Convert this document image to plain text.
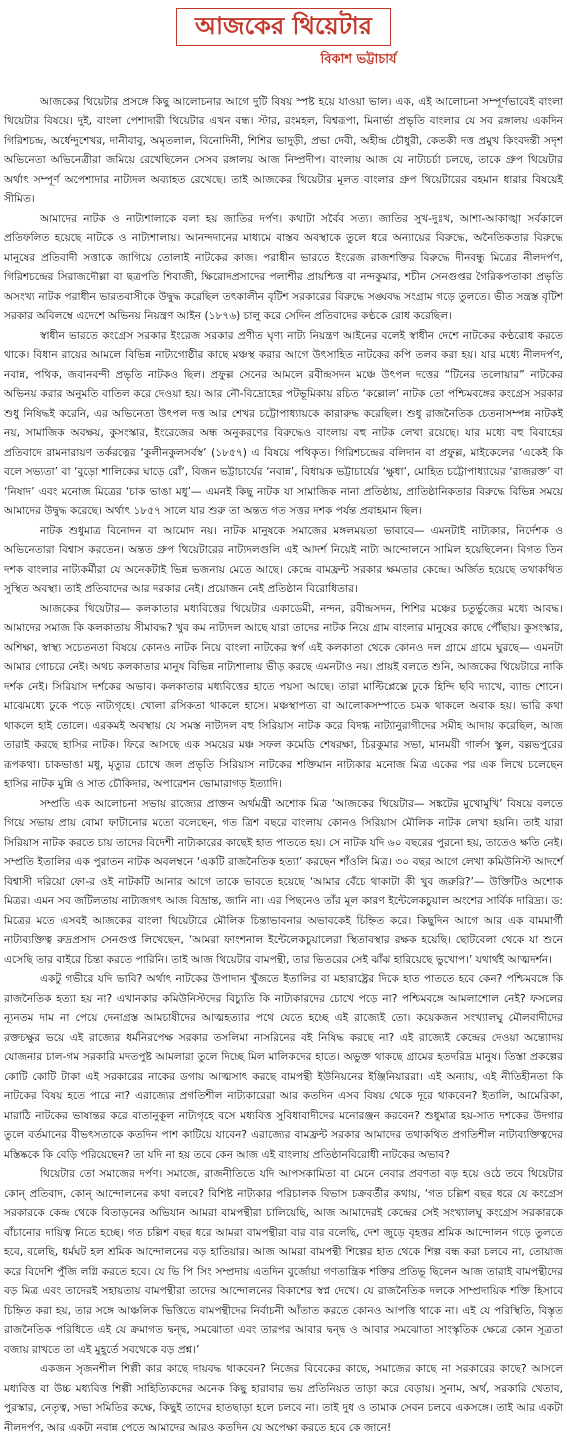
আজকের থিয়েটার
বিকাশ ভট্টাচার্য

আজকের থিয়েটার প্রসঙ্গে কিছু আলোচনার আগে দুটি বিষয় স্পষ্ট হয়ে যাওয়া ভাল। এক, এই আলোচনা সম্পূর্ণভাবেই বাংলা থিয়েটার বিষয়ে। দুই, বাংলা পেশাদারী থিয়েটার এখন বন্ধ। স্টার, রংমহল, বিশ্বরূপা, মিনার্ভা প্রভৃতি বাংলার যে সব রঙ্গালয় একদিন গিরিশচন্দ্র, অর্ধেন্দুশেখর, দানীবাবু, অমৃতলাল, বিনোদিনী, শিশির ভাদুড়ী, প্রভা দেবী, অহীন্দ্র চৌধুরী, কেতকী দত্ত প্রমুখ কিংবদন্তী সদৃশ অভিনেতা অভিনেত্রীরা জমিয়ে রেখেছিলেন সেসব রঙ্গালয় আজ নিষ্প্রদীপ। বাংলায় আজ যে নাট্যচর্চা চলছে, তাকে গ্রুপ থিয়েটার অর্থাৎ সম্পূর্ণ অপেশাদার নাট্যদল অব্যাহত রেখেছে। তাই আজকের থিয়েটার মূলত বাংলার গ্রুপ থিয়েটারের বহমান ধারার বিষয়েই সীমিত।

আমাদের নাটক ও নাট্যশালাকে বলা হয় জাতির দর্পণ। কথাটা সর্বৈব সত্য। জাতির সুখ-দুঃখ, আশা-আকাঙ্খা সর্বকালে প্রতিফলিত হয়েছে নাটকে ও নাট্যশালায়। আনন্দদানের মাধ্যমে বাস্তব অবস্থাকে তুলে ধরে অন্যায়ের বিরুদ্ধে, অনৈতিকতার বিরুদ্ধে মানুষের প্রতিবাদী সত্তাকে জাগিয়ে তোলাই নাটকের কাজ। পরাধীন ভারতে ইংরেজ রাজশক্তির বিরুদ্ধে দীনবন্ধু মিত্রের নীলদর্পণ, গিরিশচন্দ্রের সিরাজদৌল্লা বা ছত্রপতি শিবাজী, ক্ষিরোদপ্রসাদের পলাশীর প্রায়শ্চিত্ত বা নন্দকুমার, শচীন সেনগুপ্তর গৈরিকপতাকা প্রভৃতি অসংখ্য নাটক পরাধীন ভারতবাসীকে উদ্বুদ্ধ করেছিল তৎকালীন বৃটিশ সরকারের বিরুদ্ধে সঙ্ঘবদ্ধ সংগ্রাম গড়ে তুলতে। ভীত সন্ত্রস্ত বৃটিশ সরকার অবিলম্বে এদেশে অভিনয় নিয়ন্ত্রণ আইন (১৮৭৬) চালু করে সেদিন প্রতিবাদের কণ্ঠকে রোধ করেছিল।

স্বাধীন ভারতে কংগ্রেস সরকার ইংরেজ সরকার প্রণীত ঘৃণ্য নাট্য নিয়ন্ত্রণ আইনের বলেই স্বাধীন দেশে নাটকের কণ্ঠরোধ করতে থাকে। বিধান রায়ের আমলে বিভিন্ন নাট্যগোষ্ঠীর কাছে মঞ্চস্থ করার আগে উৎসাহিত নাটকের কপি তলব করা হয়। যার মধ্যে নীলদর্পণ, নবান্ন, পথিক, জবানবন্দী প্রভৃতি নাটকও ছিল। প্রফুল্ল সেনের আমলে রবীন্দ্রসদন মঞ্চে উৎপল দত্তের “টিনের তলোয়ার” নাটকের অভিনয় করার অনুমতি বাতিল করে দেওয়া হয়। আর নৌ-বিদ্রোহের পটভূমিকায় রচিত ‘কল্লোল’ নাটক তো পশ্চিমবঙ্গের কংগ্রেস সরকার শুধু নিষিদ্ধই করেনি, এর অভিনেতা উৎপল দত্ত আর শেখর চট্টোপাধ্যায়কে কারারুদ্ধ করেছিল। শুধু রাজনৈতিক চেতনাসম্পন্ন নাটকই নয়, সামাজিক অবক্ষয়, কুসংস্কার, ইংরেজের অন্ধ অনুকরণের বিরুদ্ধেও বাংলায় বহু নাটক লেখা রয়েছে। যার মধ্যে বহু বিবাহের প্রতিবাদে রামনারায়ণ তর্করত্নের ‘কুলীনকুলসর্বস্ব’ (১৮৫৭) এ বিষয়ে পথিকৃত। গিরিশচন্দ্রের বলিদান বা প্রফুল্ল, মাইকেলের ‘একেই কি বলে সভ্যতা’ বা ‘বুড়ো শালিকের ঘাড়ে রোঁ’, বিজন ভট্টাচার্যের ‘নবান্ন’, বিধায়ক ভট্টাচার্যের ‘ক্ষুধা’, মোহিত চট্টোপাধ্যায়ের ‘রাজরক্ত’ বা ‘নিষাদ’ এবং মনোজ মিত্রের ‘চাক ভাঙা মধু’— এমনই কিছু নাটক যা সামাজিক নানা প্রতিষ্ঠায়, প্রাতিষ্ঠানিকতার বিরুদ্ধে বিভিন্ন সময়ে আমাদের উদ্বুদ্ধ করেছে। অর্থাৎ ১৮৫৭ সালে যার শুরু তা অন্তত গত সত্তর দশক পর্যন্ত প্রবাহমান ছিল।

নাটক শুধুমাত্র বিনোদন বা আমোদ নয়। নাটক মানুষকে সমাজের মঙ্গলময়তা ভাবাবে— এমনটাই নাট্যকার, নির্দেশক ও অভিনেতারা বিশ্বাস করতেন। অন্তত গ্রুপ থিয়েটারের নাট্যদলগুলি এই আদর্শ নিয়েই নাট্য আন্দোলনে সামিল হয়েছিলেন। বিগত তিন দশক বাংলার নাট্যকর্মীরা যে অনেকটাই ভিন্ন ভজনায় মেতে আছে। কেন্দ্রে বামফ্রন্ট সরকার ক্ষমতার কেন্দ্রে। অর্জিত হয়েছে তথাকথিত সুস্থিত অবস্থা। তাই প্রতিবাদের আর দরকার নেই। প্রয়োজন নেই প্রতিষ্ঠান বিরোধিতার।

আজকের থিয়েটার— কলকাতার মধ্যবিত্তের থিয়েটার একাডেমী, নন্দন, রবীন্দ্রসদন, শিশির মঞ্চের চতুর্ভুজের মধ্যে আবদ্ধ। আমাদের সমাজ কি কলকাতায় সীমাবদ্ধ? খুব কম নাট্যদল আছে যারা তাদের নাটক নিয়ে গ্রাম বাংলার মানুষের কাছে পৌঁছায়। কুসংস্কার, অশিক্ষা, স্বাস্থ্য সচেতনতা বিষয়ে কোনও নাটক নিয়ে বাংলা নাটকের স্বর্গ এই কলকাতা থেকে কোনও দল গ্রামে গ্রামে ঘুরছে— এমনটা আমার গোচরে নেই। অথচ কলকাতার মানুষ বিভিন্ন নাট্যশালায় ভীড় করছে এমনটাও নয়। প্রায়ই বলতে শুনি, আজকের থিয়েটারে নাকি দর্শক নেই। সিরিয়াস দর্শকের অভাব। কলকাতার মধ্যবিত্তের হাতে পয়সা আছে। তারা মাল্টিপ্লেক্সে ঢুকে হিন্দি ছবি দ্যাখে, ব্যান্ড শোনে। মাঝেমধ্যে ঢুকে পড়ে নাট্যগৃহে। খোলা রসিকতা থাকলে হাসে। মঞ্চস্থাপত্য বা আলোকসম্পাতে চমক থাকলে অবাক হয়। ভারি কথা থাকলে হাই তোলে। এরকমই অবস্থায় যে সমস্ত নাট্যদল বহু সিরিয়াস নাটক করে বিদগ্ধ নাট্যানুরাগীদের সমীহ আদায় করেছিল, আজ তারাই করছে হাসির নাটক। ফিরে আসছে এক সময়ের মঞ্চ সফল কমেডি শেষরক্ষা, চিরকুমার সভা, মানময়ী গার্লস স্কুল, বল্লভপুরের রূপকথা। চাকভাঙা মধু, মৃত্যুর চোখে জল প্রভৃতি সিরিয়াস নাটকের শক্তিমান নাট্যকার মনোজ মিত্র একের পর এক লিখে চলেছেন হাসির নাটক মুন্নি ও সাত চৌকিদার, অপারেশন ভোমারাগড় ইত্যাদি।

সম্প্রতি এক আলোচনা সভায় রাজ্যের প্রাক্তন অর্থমন্ত্রী অশোক মিত্র ‘আজকের থিয়েটার— সঙ্কটের মুখোমুখি’ বিষয়ে বলতে গিয়ে সভায় প্রায় বোমা ফাটানোর মতো বলেছেন, গত ত্রিশ বছরে বাংলায় কোনও সিরিয়াস মৌলিক নাটক লেখা হয়নি। তাই যারা সিরিয়াস নাটক করতে চায় তাদের বিদেশী নাট্যকারের কাছেই হাত পাততে হয়। সে নাটক যদি ৬০ বছরের পুরনো হয়, তাতেও ক্ষতি নেই। সম্প্রতি ইতালির এক পুরাতন নাটক অবলম্বনে ‘একটি রাজনৈতিক হত্যা’ করছেন শাঁওলি মিত্র। ৩০ বছর আগে লেখা কমিউনিস্ট আদর্শে বিশ্বাসী দরিয়ো ফো-র ওই নাটকটি আনার আগে তাকে ভাবতে হয়েছে ‘আমার বেঁচে থাকাটা কী খুব জরুরি?’— উক্তিটিও অশোক মিত্রর। এমন সব জটিলতায় নাট্যজগৎ আজ বিভ্রান্ত, জানি না। এর পিছনেও তাঁর মূল কারণ ইন্টেলেকচুয়াল অংশের সার্বিক দারিদ্র্য। ড: মিত্রের মতে এসবই আজকের বাংলা থিয়েটারে মৌলিক চিন্তাভাবনার অভাবকেই চিহ্নিত করে। কিছুদিন আগে আর এক বামমার্গী নাট্যব্যক্তিত্ব রুদ্রপ্রসাদ সেনগুপ্ত লিখেছেন, ‘আমরা ফাংশনাল ইন্টেলেকচুয়ালেরা স্থিতাবস্থার রক্ষক হয়েছি। ছোটবেলা থেকে যা শুনে এসেছি তার বাইরে চিন্তা করতে পারিনি। তাই আজ থিয়েটার বামপন্থী, তার ভিতরের সেই ঝাঁঝ হারিয়েছে ভুখোপ।’ যথার্থই আত্মদর্শন।

একটু গভীরে যদি ভাবি? অর্থাৎ নাটকের উপাদান খুঁজতে ইতালির বা মহারাষ্ট্রের দিকে হাত পাততে হবে কেন? পশ্চিমবঙ্গে কি রাজনৈতিক হত্যা হয় না? এখানকার কমিউনিস্টদের বিচ্যুতি কি নাট্যকারদের চোখে পড়ে না? পশ্চিমবঙ্গে আমলাশোল নেই? ফসলের ন্যূনতম দাম না পেয়ে দেনাগ্রস্ত আমচাষীদের আত্মহত্যার পথে যেতে হচ্ছে এই রাজ্যেই তো। কয়েকজন সংখ্যালঘু মৌলবাদীদের রক্তচক্ষুর ভয়ে এই রাজ্যের ধর্মনিরপেক্ষ সরকার তসলিমা নাসরিনের বই নিষিদ্ধ করছে না? এই রাজ্যেই কেন্দ্রের দেওয়া অন্ত্যোদয় যোজনার চাল-গম সরকারি মদতপুষ্ট আমলারা তুলে দিচ্ছে মিল মালিকদের হাতে। অভুক্ত থাকছে গ্রামের হতদরিদ্র মানুষ। তিস্তা প্রকল্পের কোটি কোটি টাকা এই সরকারের নাকের ডগায় আত্মসাৎ করছে বামপন্থী ইউনিয়নের ইঞ্জিনিয়াররা। এই অন্যায়, এই নীতিহীনতা কি নাটকের বিষয় হতে পারে না? এরাজ্যের প্রগতিশীল নাট্যকারেরা আর কতদিন এসব বিষয় থেকে দূরে থাকবেন? ইতালি, আমেরিকা, মারাঠি নাটকের ভাষান্তর করে বাতানুকূল নাট্যগৃহে বসে মধ্যবিত্ত সুবিধাবাদীদের মনোরঞ্জন করবেন? শুধুমাত্র হয়-সাত দশকের উদগার তুলে বর্তমানের বীভৎসতাকে কতদিন পাশ কাটিয়ে যাবেন? এরাজ্যের বামফ্রন্ট সরকার আমাদের তথাকথিত প্রগতিশীল নাট্যব্যক্তিত্বদের মস্তিষ্ককে কি বেড়ি পরিয়েছেন? তা যদি না হয় তবে কেন আজ এই বাংলায় প্রতিষ্ঠানবিরোধী নাটকের অভাব?

থিয়েটার তো সমাজের দর্পণ। সমাজে, রাজনীতিতে যদি আপসকামিতা বা মেনে নেবার প্রবণতা বড় হয়ে ওঠে তবে থিয়েটার কোন্ প্রতিবাদ, কোন্ আন্দোলনের কথা বলবে? বিশিষ্ট নাট্যকার পরিচালক বিভাস চক্রবর্তীর কথায়, ‘গত চল্লিশ বছর ধরে যে কংগ্রেস সরকারকে কেন্দ্র থেকে বিতাড়নের অভিযান আমরা বামপন্থীরা চালিয়েছি, আজ আমাদেরই কেন্দ্রের সেই সংখ্যালঘু কংগ্রেস সরকারকে বাঁচানোর দায়িত্ব নিতে হচ্ছে। গত চল্লিশ বছর ধরে আমরা বামপন্থীরা বার বার বলেছি, দেশ জুড়ে বৃহত্তর শ্রমিক আন্দোলন গড়ে তুলতে হবে, বলেছি, ধর্মঘট হল শ্রমিক আন্দোলনের বড় হাতিয়ার। আজ আমরা বামপন্থী শিল্পের হাত থেকে শিল্প বন্ধ করা চলবে না, তোয়াজ করে বিদেশি পুঁজি লগ্নি করতে হবে। যে ভি পি সিং সম্প্রদায় এতদিন বুর্জোয়া গণতান্ত্রিক শক্তির প্রতিভূ ছিলেন আজ তারাই বামপন্থীদের বড় মিত্র এবং তাদেরই সহায়তায় বামপন্থীরা তাদের আন্দোলনের বিকাশের স্বপ্ন দেখে। যে রাজনৈতিক দলকে সাম্প্রদায়িক শক্তি হিসাবে চিহ্নিত করা হয়, তার সঙ্গে আঞ্চলিক ভিত্তিতে বামপন্থীদের নির্বাচনী আঁতাত করতে কোনও আপত্তি থাকে না। এই যে পরিস্থিতি, বিস্তৃত রাজনৈতিক পরিধিতে এই যে ক্রমাগত দ্বন্দ্ব, সমঝোতা এবং তারপর আবার দ্বন্দ্ব ও আবার সমঝোতা সাংস্কৃতিক ক্ষেত্রে কোন সূত্রতা বজায় রাখতে তা এই মুহূর্তে সবথেকে বড় প্রশ্ন।’

একজন সৃজনশীল শিল্পী কার কাছে দায়বদ্ধ থাকবেন? নিজের বিবেকের কাছে, সমাজের কাছে না সরকারের কাছে? আসলে মধ্যবিত্ত বা উচ্চ মধ্যবিত্ত শিল্পী সাহিত্যিকদের অনেক কিছু হারাবার ভয় প্রতিনিয়ত তাড়া করে বেড়ায়। সুনাম, অর্থ, সরকারি খেতাব, পুরস্কার, নেতৃত্ব, সভা সমিতির কক্ষে, কিছুই তাদের হাতছাড়া হলে চলবে না। তাই দুধ ও তামাক সেবন চলবে একসঙ্গে। তাই আর একটা নীলদর্পণ, আর একটা নবান্ন পেতে আমাদের আরও কতদিন যে অপেক্ষা করতে হবে কে জানে!
